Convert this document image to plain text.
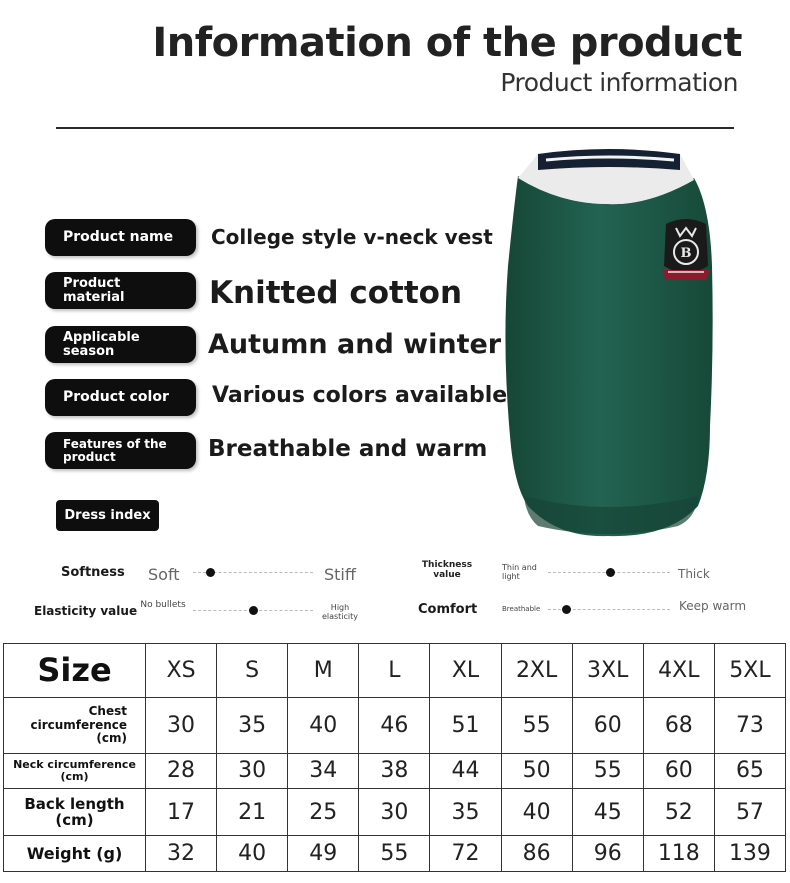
Information of the product
Product information
Product name	College style v-neck vest
Product material	Knitted cotton
Applicable season	Autumn and winter
Product color	Various colors available
Features of the product	Breathable and warm
B
Dress index
Softness Soft	Stiff
Elasticity value No bullets	High elasticity
Thickness value
Thin and light	Thick
Comfort	Breathable	Keep warm
Size	XS	S	M	L	XL	2XL	3XL	4XL	5XL
Chest circumference (cm)	30	35	40	46	51	55	60	68	73
Neck circumference (cm)	28	30	34	38	44	50	55	60	65
Back length (cm)	17	21	25	30	35	40	45	52	57
Weight (g)	32	40	49	55	72	86	96	118	139
